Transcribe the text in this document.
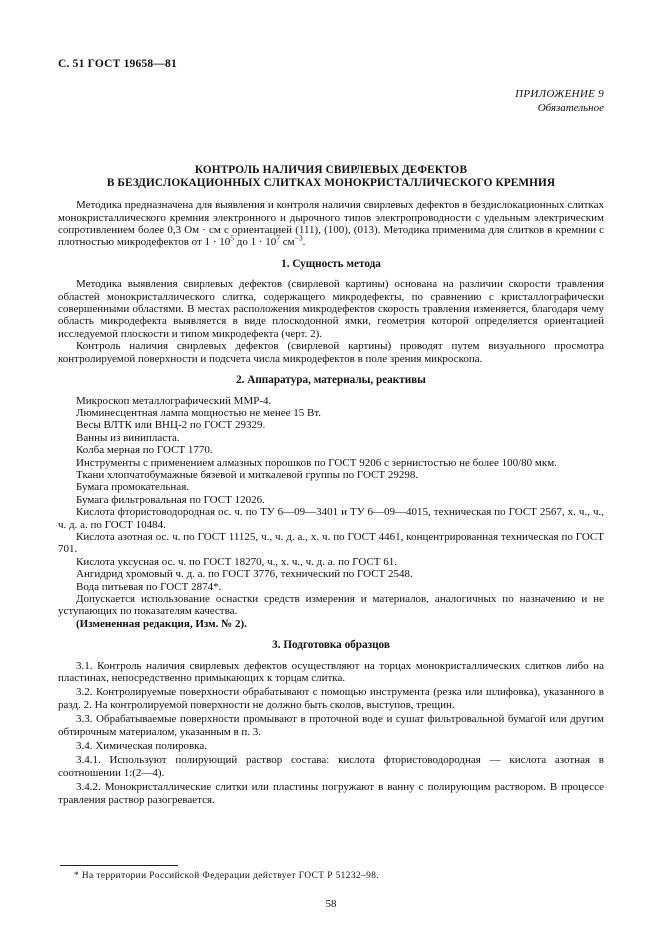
С. 51 ГОСТ 19658—81
ПРИЛОЖЕНИЕ 9
Обязательное
КОНТРОЛЬ НАЛИЧИЯ СВИРЛЕВЫХ ДЕФЕКТОВ
В БЕЗДИСЛОКАЦИОННЫХ СЛИТКАХ МОНОКРИСТАЛЛИЧЕСКОГО КРЕМНИЯ

Методика предназначена для выявления и контроля наличия свирлевых дефектов в бездислокационных слитках монокристаллического кремния электронного и дырочного типов электропроводности с удельным электрическим сопротивлением более 0,3 Ом · см с ориентацией (111), (100), (013). Методика применима для слитков в кремнии с плотностью микродефектов от $1 \cdot 10^5$ до $1 \cdot 10^7$ $см^{-3}$.

1. Сущность метода

Методика выявления свирлевых дефектов (свирлевой картины) основана на различии скорости травления областей монокристаллического слитка, содержащего микродефекты, по сравнению с кристаллографически совершенными областями. В местах расположения микродефектов скорость травления изменяется, благодаря чему область микродефекта выявляется в виде плоскодонной ямки, геометрия которой определяется ориентацией исследуемой плоскости и типом микродефекта (черт. 2).

Контроль наличия свирлевых дефектов (свирлевой картины) проводят путем визуального просмотра контролируемой поверхности и подсчета числа микродефектов в поле зрения микроскопа.

2. Аппаратура, материалы, реактивы

Микроскоп металлографический ММР-4.

Люминесцентная лампа мощностью не менее 15 Вт.

Весы ВЛТК или ВНЦ-2 по ГОСТ 29329.

Ванны из винипласта.

Колба мерная по ГОСТ 1770.

Инструменты с применением алмазных порошков по ГОСТ 9206 с зернистостью не более 100/80 мкм.

Ткани хлопчатобумажные бязевой и миткалевой группы по ГОСТ 29298.

Бумага промокательная.

Бумага фильтровальная по ГОСТ 12026.

Кислота фтористоводородная ос. ч. по ТУ 6—09—3401 и ТУ 6—09—4015, техническая по ГОСТ 2567, х. ч., ч., ч. д. а. по ГОСТ 10484.

Кислота азотная ос. ч. по ГОСТ 11125, ч., ч. д. а., х. ч. по ГОСТ 4461, концентрированная техническая по ГОСТ 701.

Кислота уксусная ос. ч. по ГОСТ 18270, ч., х. ч., ч. д. а. по ГОСТ 61.

Ангидрид хромовый ч. д. а. по ГОСТ 3776, технический по ГОСТ 2548.

Вода питьевая по ГОСТ 2874*.

Допускается использование оснастки средств измерения и материалов, аналогичных по назначению и не уступающих по показателям качества.

(Измененная редакция, Изм. № 2).

3. Подготовка образцов

3.1. Контроль наличия свирлевых дефектов осуществляют на торцах монокристаллических слитков либо на пластинах, непосредственно примыкающих к торцам слитка.

3.2. Контролируемые поверхности обрабатывают с помощью инструмента (резка или шлифовка), указанного в разд. 2. На контролируемой поверхности не должно быть сколов, выступов, трещин.

3.3. Обрабатываемые поверхности промывают в проточной воде и сушат фильтровальной бумагой или другим обтирочным материалом, указанным в п. 3.

3.4. Химическая полировка.

3.4.1. Используют полирующий раствор состава: кислота фтористоводородная — кислота азотная в соотношении 1:(2—4).

3.4.2. Монокристаллические слитки или пластины погружают в ванну с полирующим раствором. В процессе травления раствор разогревается.

* На территории Российской Федерации действует ГОСТ Р 51232–98.
58
